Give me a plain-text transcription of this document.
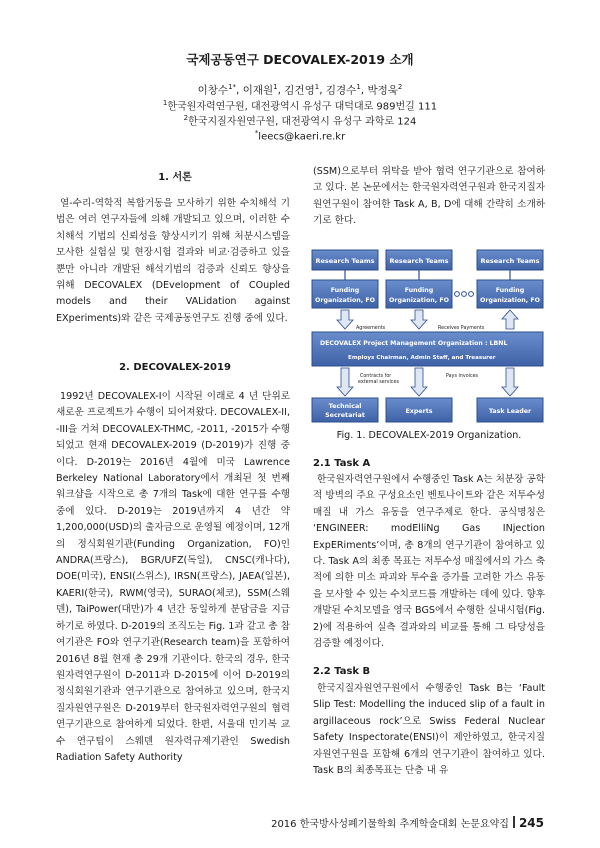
국제공동연구 DECOVALEX-2019 소개
이창수$^{1*}$, 이재원$^1$, 김건영$^1$, 김경수$^1$, 박정욱$^2$
$^1$한국원자력연구원, 대전광역시 유성구 대덕대로 989번길 111
$^2$한국지질자원연구원, 대전광역시 유성구 과학로 124
*leecs@kaeri.re.kr
1. 서론

열-수리-역학적 복합거동을 모사하기 위한 수치해석 기법은 여러 연구자들에 의해 개발되고 있으며, 이러한 수치해석 기법의 신뢰성을 향상시키기 위해 처분시스템을 모사한 실험실 및 현장시험 결과와 비교·검증하고 있을 뿐만 아니라 개발된 해석기법의 검증과 신뢰도 향상을 위해 DECOVALEX (DEvelopment of COupled models and their VALidation against EXperiments)와 같은 국제공동연구도 진행 중에 있다.

2. DECOVALEX-2019

1992년 DECOVALEX-I이 시작된 이래로 4 년 단위로 새로운 프로젝트가 수행이 되어져왔다. DECOVALEX-II, -III을 거쳐 DECOVALEX-THMC, -2011, -2015가 수행되었고 현재 DECOVALEX-2019 (D-2019)가 진행 중이다. D-2019는 2016년 4월에 미국 Lawrence Berkeley National Laboratory에서 개최된 첫 번째 워크샵을 시작으로 총 7개의 Task에 대한 연구를 수행 중에 있다. D-2019는 2019년까지 4 년간 약 1,200,000(USD)의 출자금으로 운영될 예정이며, 12개의 정식회원기관(Funding Organization, FO)인 ANDRA(프랑스), BGR/UFZ(독일), CNSC(캐나다), DOE(미국), ENSI(스위스), IRSN(프랑스), JAEA(일본), KAERI(한국), RWM(영국), SURAO(체코), SSM(스웨덴), TaiPower(대만)가 4 년간 동일하게 분담금을 지급하기로 하였다. D-2019의 조직도는 Fig. 1과 같고 총 참여기관은 FO와 연구기관(Research team)을 포함하여 2016년 8월 현재 총 29개 기관이다. 한국의 경우, 한국원자력연구원이 D-2011과 D-2015에 이어 D-2019의 정식회원기관과 연구기관으로 참여하고 있으며, 한국지질자원연구원은 D-2019부터 한국원자력연구원의 협력 연구기관으로 참여하게 되었다. 한편, 서울대 민기복 교수 연구팀이 스웨덴 원자력규제기관인 Swedish Radiation Safety Authority

(SSM)으로부터 위탁을 받아 협력 연구기관으로 참여하고 있다. 본 논문에서는 한국원자력연구원과 한국지질자원연구원이 참여한 Task A, B, D에 대해 간략히 소개하기로 한다.

Research Teams Research Teams	Research Teams
Funding
Organization, FO
Funding
Organization, FO
Funding
Organization, FO
Agreements	Receives Payments
DECOVALEX Project Management Organization : LBNL
Employs Chairman, Admin Staff, and Treasurer
Contracts for
external services
Pays invoices
Technical
Secretariat
Experts	Task Leader
Fig. 1. DECOVALEX-2019 Organization.
2.1 Task A

한국원자력연구원에서 수행중인 Task A는 처분장 공학적 방벽의 주요 구성요소인 벤토나이트와 같은 저투수성 매질 내 가스 유동을 연구주제로 한다. 공식명칭은 ‘ENGINEER: modElliNg Gas INjection ExpERiments’이며, 총 8개의 연구기관이 참여하고 있다. Task A의 최종 목표는 저투수성 매질에서의 가스 축적에 의한 미소 파괴와 투수율 증가를 고려한 가스 유동을 모사할 수 있는 수치코드를 개발하는 데에 있다. 향후 개발된 수치모델을 영국 BGS에서 수행한 실내시험(Fig. 2)에 적용하여 실측 결과와의 비교를 통해 그 타당성을 검증할 예정이다.

2.2 Task B

한국지질자원연구원에서 수행중인 Task B는 ‘Fault Slip Test: Modelling the induced slip of a fault in argillaceous rock’으로 Swiss Federal Nuclear Safety Inspectorate(ENSI)이 제안하였고, 한국지질자원연구원을 포함해 6개의 연구기관이 참여하고 있다. Task B의 최종목표는 단층 내 유

2016 한국방사성폐기물학회 추계학술대회 논문요약집 245
